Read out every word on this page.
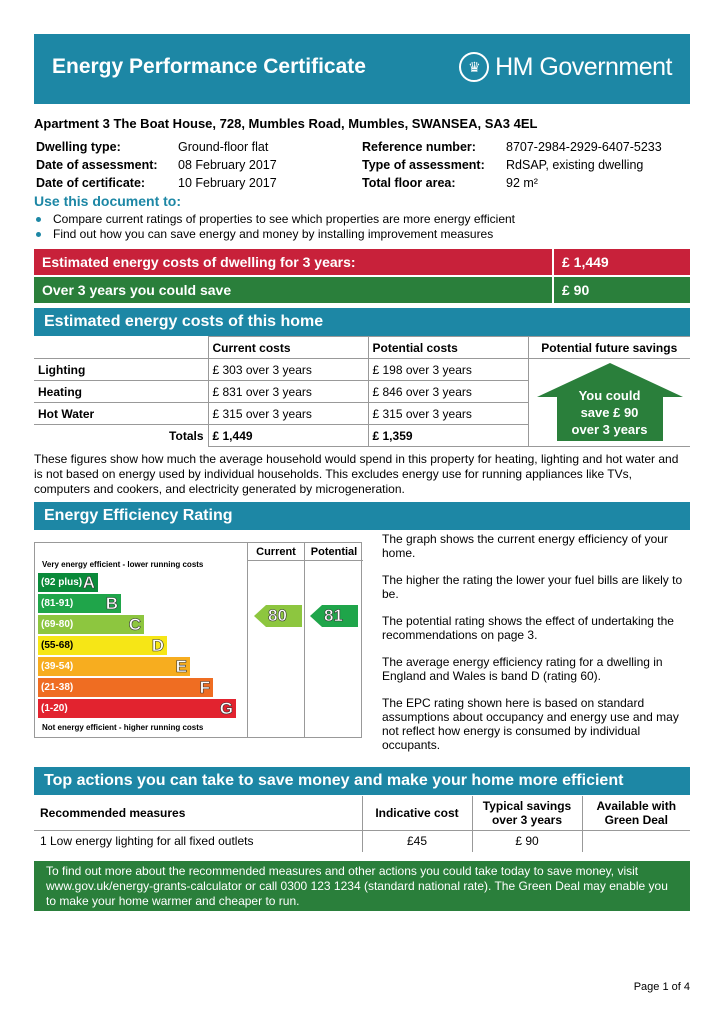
Energy Performance Certificate	♛ HM Government
Apartment 3 The Boat House, 728, Mumbles Road, Mumbles, SWANSEA, SA3 4EL
Dwelling type:	Ground-floor flat
Date of assessment:	08 February 2017
Date of certificate:	10 February 2017
Reference number:	8707-2984-2929-6407-5233
Type of assessment:	RdSAP, existing dwelling
Total floor area:	92 m²
Use this document to:
Compare current ratings of properties to see which properties are more energy efficient
Find out how you can save energy and money by installing improvement measures
Estimated energy costs of dwelling for 3 years:	£ 1,449
Over 3 years you could save	£ 90
Estimated energy costs of this home
	Current costs	Potential costs	Potential future savings
Lighting	£ 303 over 3 years	£ 198 over 3 years	You could
save £ 90
over 3 years

Heating	£ 831 over 3 years	£ 846 over 3 years	
Hot Water	£ 315 over 3 years	£ 315 over 3 years	
Totals	£ 1,449	£ 1,359	
These figures show how much the average household would spend in this property for heating, lighting and hot water and is not based on energy used by individual households. This excludes energy use for running appliances like TVs, computers and cookers, and electricity generated by microgeneration.
Energy Efficiency Rating
Current	Potential
Very energy efficient - lower running costs
(92 plus) A
(81-91) B
(69-80)	C
(55-68)	D
(39-54)	E
(21-38)	F
(1-20)	G
Not energy efficient - higher running costs
80 81

The graph shows the current energy efficiency of your home.

The higher the rating the lower your fuel bills are likely to be.

The potential rating shows the effect of undertaking the recommendations on page 3.

The average energy efficiency rating for a dwelling in England and Wales is band D (rating 60).

The EPC rating shown here is based on standard assumptions about occupancy and energy use and may not reflect how energy is consumed by individual occupants.

Top actions you can take to save money and make your home more efficient
Recommended measures	Indicative cost	Typical savings over 3 years	Available with Green Deal
1 Low energy lighting for all fixed outlets	£45	£ 90	
To find out more about the recommended measures and other actions you could take today to save money, visit www.gov.uk/energy-grants-calculator or call 0300 123 1234 (standard national rate). The Green Deal may enable you to make your home warmer and cheaper to run.
Page 1 of 4
